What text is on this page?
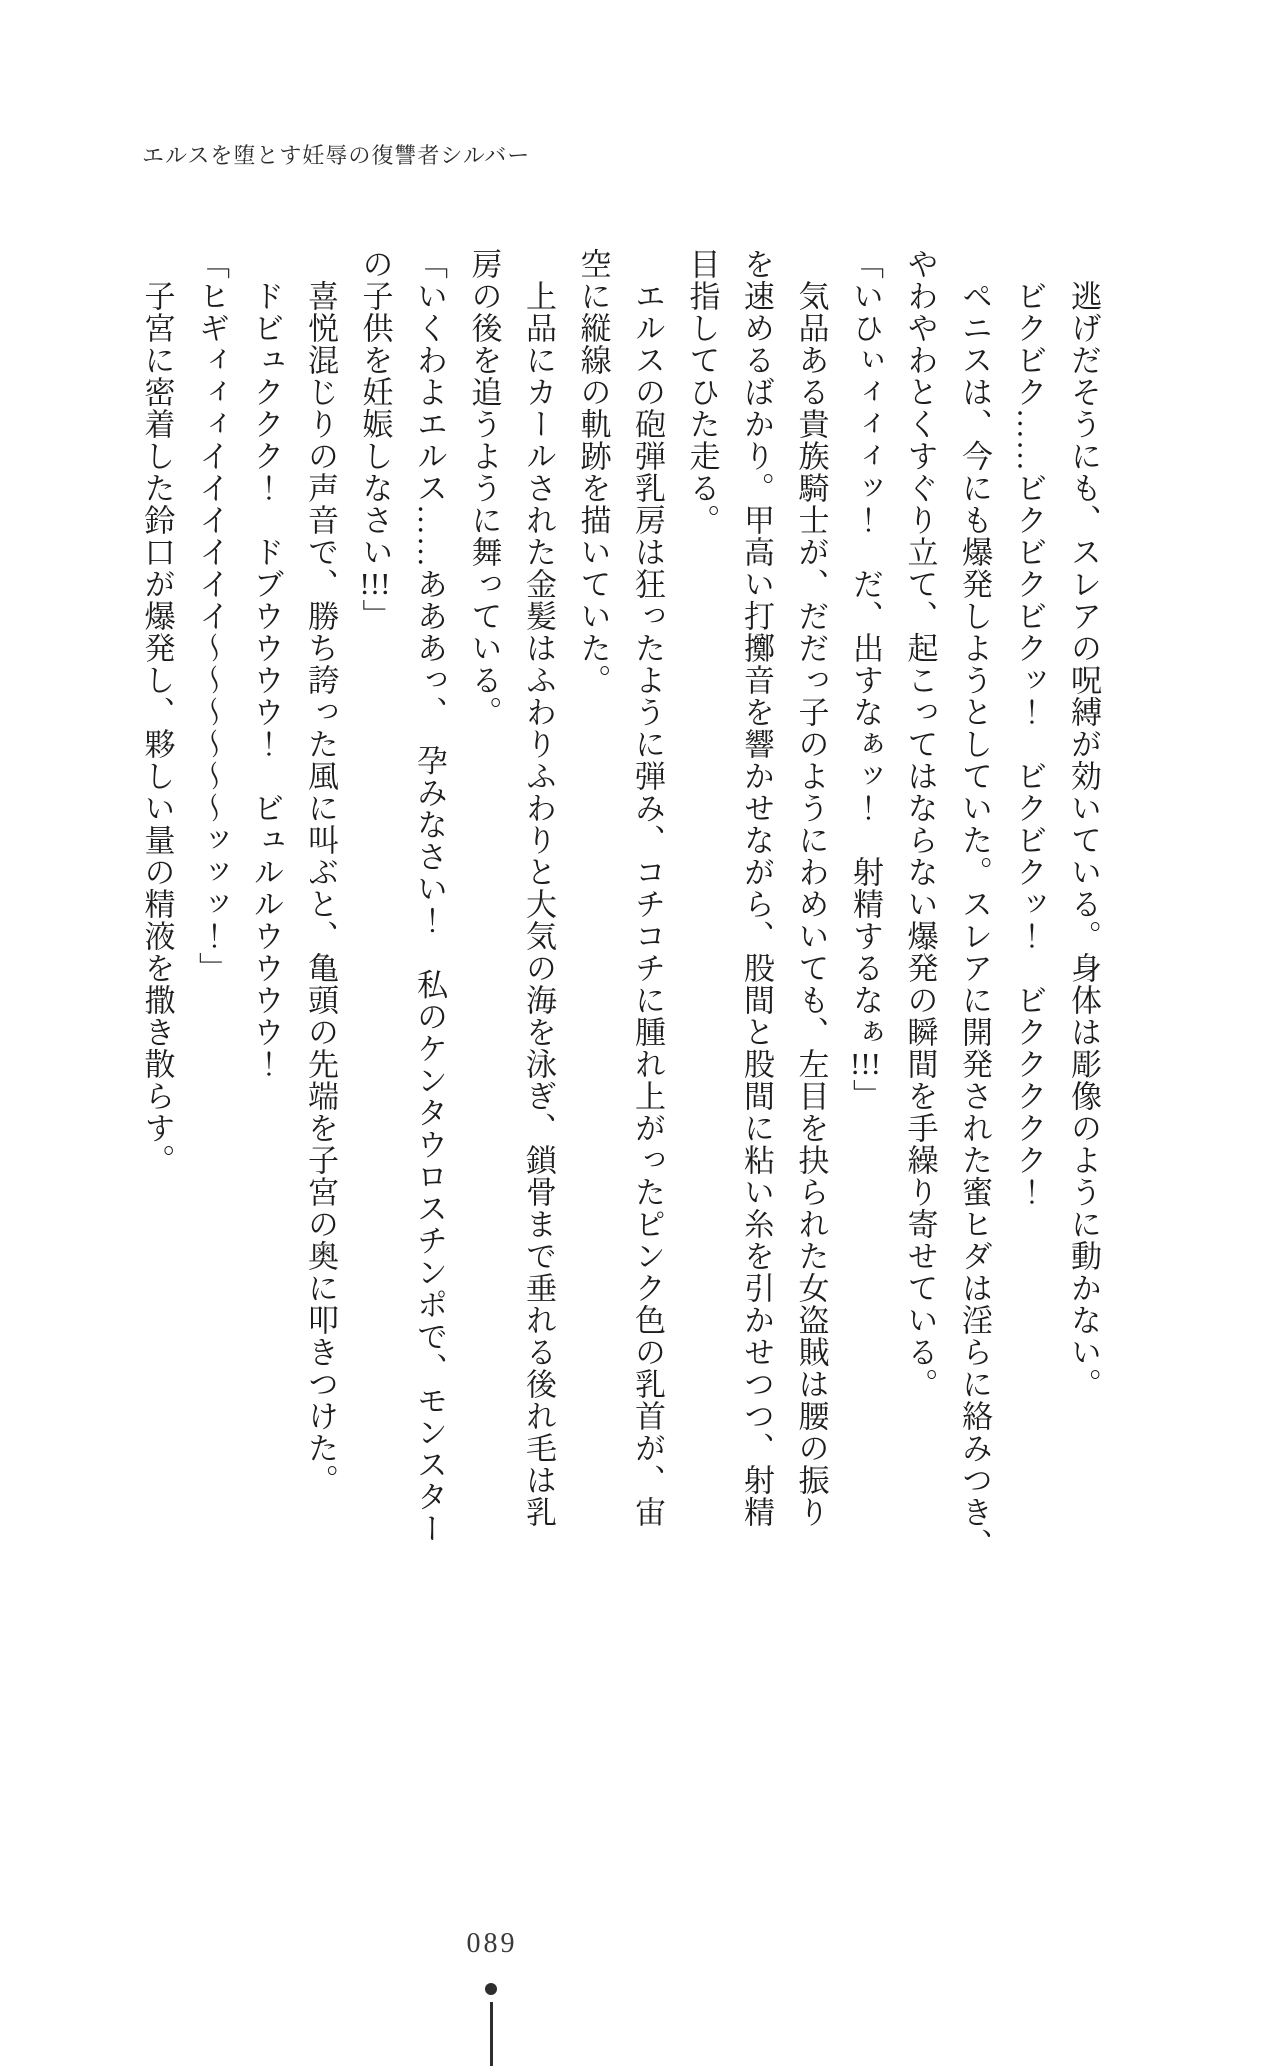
エルスを堕とす妊辱の復讐者シルバー

　逃げだそうにも、スレアの呪縛が効いている。身体は彫像のように動かない。

　ビクビク……ビクビクビクッ！　ビクビクッ！　ビククククク！

　ペニスは、今にも爆発しようとしていた。スレアに開発された蜜ヒダは淫らに絡みつき、

やわやわとくすぐり立て、起こってはならない爆発の瞬間を手繰り寄せている。

「いひぃィィィッ！　だ、出すなぁッ！　射精するなぁ!!!」

　気品ある貴族騎士が、だだっ子のようにわめいても、左目を抉られた女盗賊は腰の振り

を速めるばかり。甲高い打擲音を響かせながら、股間と股間に粘い糸を引かせつつ、射精

目指してひた走る。

　エルスの砲弾乳房は狂ったように弾み、コチコチに腫れ上がったピンク色の乳首が、宙

空に縦線の軌跡を描いていた。

　上品にカールされた金髪はふわりふわりと大気の海を泳ぎ、鎖骨まで垂れる後れ毛は乳

房の後を追うように舞っている。

「いくわよエルス……あああっ、　孕みなさい！　私のケンタウロスチンポで、モンスター

の子供を妊娠しなさい!!!」

　喜悦混じりの声音で、勝ち誇った風に叫ぶと、亀頭の先端を子宮の奥に叩きつけた。

　ドビュククク！　ドブウウウウ！　ビュルルウウウウ！

「ヒギィィィイイイイイイ〜〜〜〜〜〜ッッッ！」

　子宮に密着した鈴口が爆発し、夥しい量の精液を撒き散らす。

089
